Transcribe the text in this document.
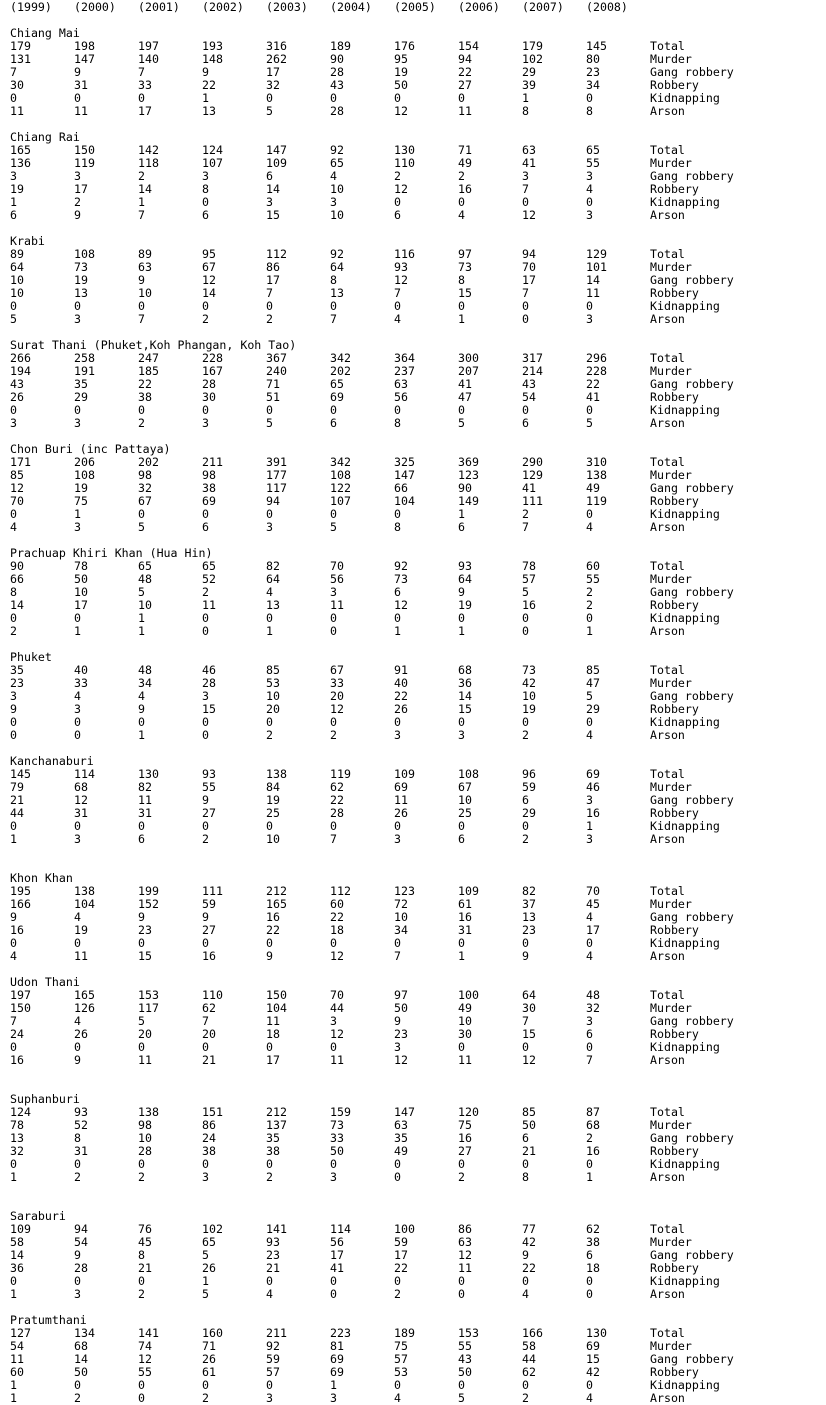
(1999) (2000) (2001) (2002) (2003) (2004) (2005) (2006) (2007) (2008)
Chiang Mai
179	198	197	193	316	189	176	154	179	145	Total
131	147	140	148	262	90	95	94	102	80	Murder
7	9	7	9	17	28	19	22	29	23	Gang robbery
30	31	33	22	32	43	50	27	39	34	Robbery
0	0	0	1	0	0	0	0	1	0	Kidnapping
11	11	17	13	5	28	12	11	8	8	Arson
Chiang Rai
165	150	142	124	147	92	130	71	63	65	Total
136	119	118	107	109	65	110	49	41	55	Murder
3	3	2	3	6	4	2	2	3	3	Gang robbery
19	17	14	8	14	10	12	16	7	4	Robbery
1	2	1	0	3	3	0	0	0	0	Kidnapping
6	9	7	6	15	10	6	4	12	3	Arson
Krabi
89	108	89	95	112	92	116	97	94	129	Total
64	73	63	67	86	64	93	73	70	101	Murder
10	19	9	12	17	8	12	8	17	14	Gang robbery
10	13	10	14	7	13	7	15	7	11	Robbery
0	0	0	0	0	0	0	0	0	0	Kidnapping
5	3	7	2	2	7	4	1	0	3	Arson
Surat Thani (Phuket,Koh Phangan, Koh Tao)
266	258	247	228	367	342	364	300	317	296	Total
194	191	185	167	240	202	237	207	214	228	Murder
43	35	22	28	71	65	63	41	43	22	Gang robbery
26	29	38	30	51	69	56	47	54	41	Robbery
0	0	0	0	0	0	0	0	0	0	Kidnapping
3	3	2	3	5	6	8	5	6	5	Arson
Chon Buri (inc Pattaya)
171	206	202	211	391	342	325	369	290	310	Total
85	108	98	98	177	108	147	123	129	138	Murder
12	19	32	38	117	122	66	90	41	49	Gang robbery
70	75	67	69	94	107	104	149	111	119	Robbery
0	1	0	0	0	0	0	1	2	0	Kidnapping
4	3	5	6	3	5	8	6	7	4	Arson
Prachuap Khiri Khan (Hua Hin)
90	78	65	65	82	70	92	93	78	60	Total
66	50	48	52	64	56	73	64	57	55	Murder
8	10	5	2	4	3	6	9	5	2	Gang robbery
14	17	10	11	13	11	12	19	16	2	Robbery
0	0	1	0	0	0	0	0	0	0	Kidnapping
2	1	1	0	1	0	1	1	0	1	Arson
Phuket
35	40	48	46	85	67	91	68	73	85	Total
23	33	34	28	53	33	40	36	42	47	Murder
3	4	4	3	10	20	22	14	10	5	Gang robbery
9	3	9	15	20	12	26	15	19	29	Robbery
0	0	0	0	0	0	0	0	0	0	Kidnapping
0	0	1	0	2	2	3	3	2	4	Arson
Kanchanaburi
145	114	130	93	138	119	109	108	96	69	Total
79	68	82	55	84	62	69	67	59	46	Murder
21	12	11	9	19	22	11	10	6	3	Gang robbery
44	31	31	27	25	28	26	25	29	16	Robbery
0	0	0	0	0	0	0	0	0	1	Kidnapping
1	3	6	2	10	7	3	6	2	3	Arson
Khon Khan
195	138	199	111	212	112	123	109	82	70	Total
166	104	152	59	165	60	72	61	37	45	Murder
9	4	9	9	16	22	10	16	13	4	Gang robbery
16	19	23	27	22	18	34	31	23	17	Robbery
0	0	0	0	0	0	0	0	0	0	Kidnapping
4	11	15	16	9	12	7	1	9	4	Arson
Udon Thani
197	165	153	110	150	70	97	100	64	48	Total
150	126	117	62	104	44	50	49	30	32	Murder
7	4	5	7	11	3	9	10	7	3	Gang robbery
24	26	20	20	18	12	23	30	15	6	Robbery
0	0	0	0	0	0	3	0	0	0	Kidnapping
16	9	11	21	17	11	12	11	12	7	Arson
Suphanburi
124	93	138	151	212	159	147	120	85	87	Total
78	52	98	86	137	73	63	75	50	68	Murder
13	8	10	24	35	33	35	16	6	2	Gang robbery
32	31	28	38	38	50	49	27	21	16	Robbery
0	0	0	0	0	0	0	0	0	0	Kidnapping
1	2	2	3	2	3	0	2	8	1	Arson
Saraburi
109	94	76	102	141	114	100	86	77	62	Total
58	54	45	65	93	56	59	63	42	38	Murder
14	9	8	5	23	17	17	12	9	6	Gang robbery
36	28	21	26	21	41	22	11	22	18	Robbery
0	0	0	1	0	0	0	0	0	0	Kidnapping
1	3	2	5	4	0	2	0	4	0	Arson
Pratumthani
127	134	141	160	211	223	189	153	166	130	Total
54	68	74	71	92	81	75	55	58	69	Murder
11	14	12	26	59	69	57	43	44	15	Gang robbery
60	50	55	61	57	69	53	50	62	42	Robbery
1	0	0	0	0	1	0	0	0	0	Kidnapping
1	2	0	2	3	3	4	5	2	4	Arson
